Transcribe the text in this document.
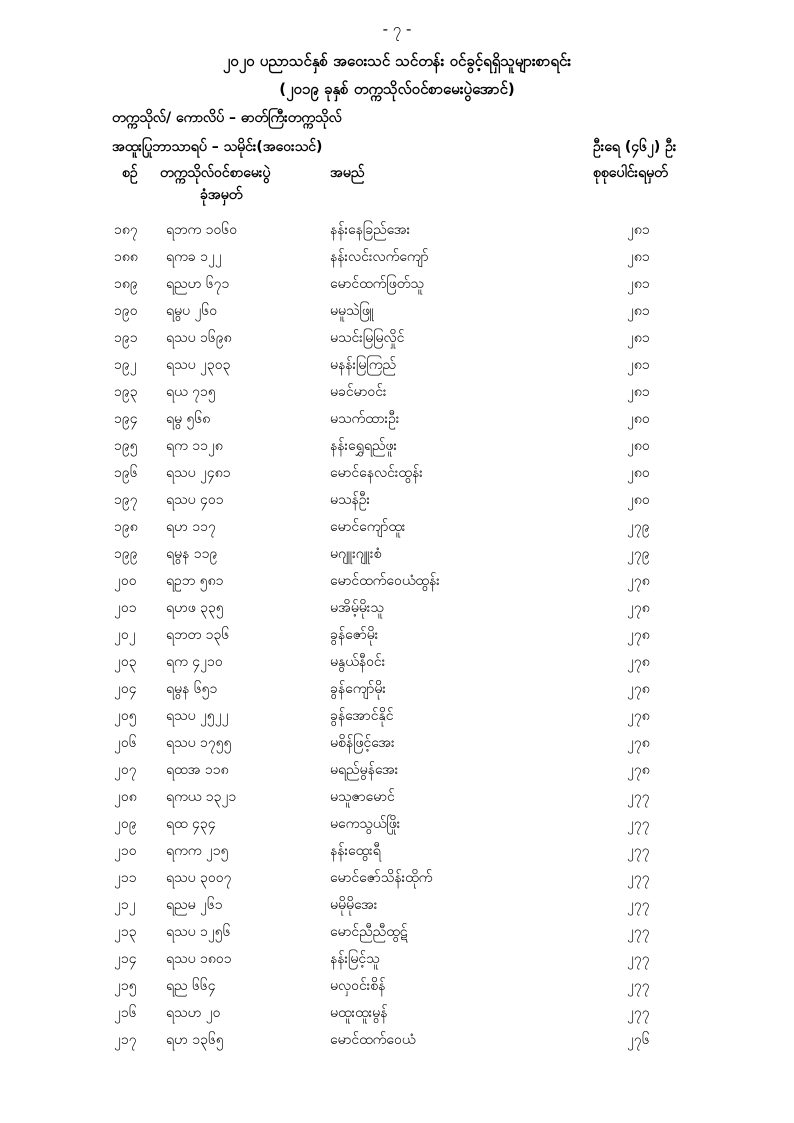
- ၇ -
၂၀၂၀ ပညာသင်နှစ် အဝေးသင် သင်တန်း ဝင်ခွင့်ရရှိသူများစာရင်း
(၂၀၁၉ ခုနှစ် တက္ကသိုလ်ဝင်စာမေးပွဲအောင်)
တက္ကသိုလ်/ ကောလိပ် – ဓာ​တ်ကြီးတက္ကသိုလ်
အထူးပြုဘာသာရပ် – သမိုင်း(အဝေးသင်)	ဦးရေ (၄၆၂) ဦး
စဉ် တက္ကသိုလ်ဝင်စာမေးပွဲ
ခုံအမှတ်
အမည်	စုစုပေါင်းရမှတ်
၁၈၇ ရဘက ၁၀၆၀	နန်းနေခြည်အေး	၂၈၁
၁၈၈ ရကခ ၁၂၂	နန်းလင်းလက်ကျော်	၂၈၁
၁၈၉ ရညဟ ၆၇၁	မောင်ထက်ဖြတ်သူ	၂၈၁
၁၉၀ ရမွပ ၂၆၀	မမူသဲဖြူ	၂၈၁
၁၉၁ ရသပ ၁၆၉၈	မသင်းမြမြလှိုင်	၂၈၁
၁၉၂ ရသပ ၂၃၀၃	မနန်းမြကြည်	၂၈၁
၁၉၃ ရယ ၇၁၅	မခင်မာဝင်း	၂၈၁
၁၉၄ ရမွ ၅၆၈	မသက်ထားဦး	၂၈၀
၁၉၅ ရက ၁၁၂၈	နန်းရွှေရည်ဖူး	၂၈၀
၁၉၆ ရသပ ၂၄၈၁	မောင်နေလင်းထွန်း	၂၈၀
၁၉၇ ရသပ ၄၀၁	မသန်ဦး	၂၈၀
၁၉၈ ရဟ ၁၁၇	မောင်ကျော်ထူး	၂၇၉
၁၉၉ ရမွန ၁၁၉	မဂျူးဂျူးစံ	၂၇၉
၂၀၀ ရဥဘ ၅၈၁	မောင်ထက်ဝေယံထွန်း	၂၇၈
၂၀၁ ရဟဖ ၃၃၅	မအိမ့်မိုးသူ	၂၇၈
၂၀၂ ရဘတ ၁၃၆	ခွန်ဇော်မိုး	၂၇၈
၂၀၃ ရက ၄၂၁၀	မနွယ်နီဝင်း	၂၇၈
၂၀၄ ရမွန ၆၅၁	ခွန်ကျော်မိုး	၂၇၈
၂၀၅ ရသပ ၂၅၂၂	ခွန်အောင်နိုင်	၂၇၈
၂၀၆ ရသပ ၁၇၅၅	မစိန်ဖြင့်အေး	၂၇၈
၂၀၇ ရထအ ၁၁၈	မရည်မွန်အေး	၂၇၈
၂၀၈ ရကယ ၁၃၂၁	မသူဇာမောင်	၂၇၇
၂၀၉ ရထ ၄၃၄	မကေသွယ်ဖြိုး	၂၇၇
၂၁၀ ရကက ၂၁၅	နန်းထွေးရီ	၂၇၇
၂၁၁ ရသပ ၃၀၀၇	မောင်ဇော်သိန်းထိုက်	၂၇၇
၂၁၂ ရညမ ၂၆၁	မမိုမိုအေး	၂၇၇
၂၁၃ ရသပ ၁၂၅၆	မောင်ညီညီထွဋ်	၂၇၇
၂၁၄ ရသပ ၁၈၀၁	နန်းမြင့်သူ	၂၇၇
၂၁၅ ရည ၆၆၄	မလှဝင်းစိန်	၂၇၇
၂၁၆ ရသဟ ၂၀	မထူးထူးမွန်	၂၇၇
၂၁၇ ရဟ ၁၃၆၅	မောင်ထက်ဝေယံ	၂၇၆
